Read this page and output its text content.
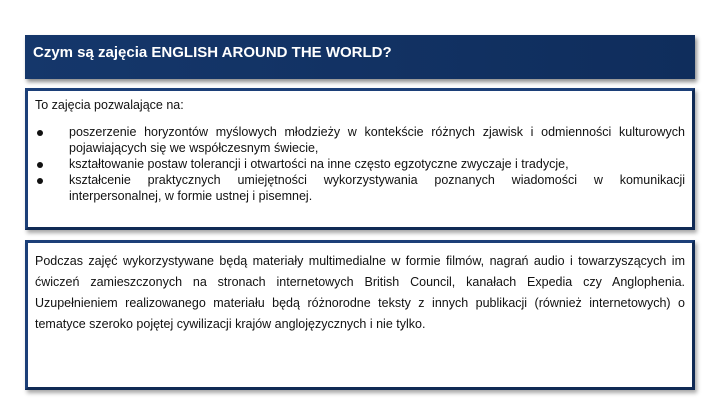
Czym są zajęcia ENGLISH AROUND THE WORLD?

To zajęcia pozwalające na:

poszerzenie horyzontów myślowych młodzieży w kontekście różnych zjawisk i odmienności kulturowych pojawiających się we współczesnym świecie,
kształtowanie postaw tolerancji i otwartości na inne często egzotyczne zwyczaje i tradycje,
kształcenie praktycznych umiejętności wykorzystywania poznanych wiadomości w komunikacji interpersonalnej, w formie ustnej i pisemnej.

Podczas zajęć wykorzystywane będą materiały multimedialne w formie filmów, nagrań audio i towarzyszących im ćwiczeń zamieszczonych na stronach internetowych British Council, kanałach Expedia czy Anglophenia. Uzupełnieniem realizowanego materiału będą różnorodne teksty z innych publikacji (również internetowych) o tematyce szeroko pojętej cywilizacji krajów anglojęzycznych i nie tylko.
